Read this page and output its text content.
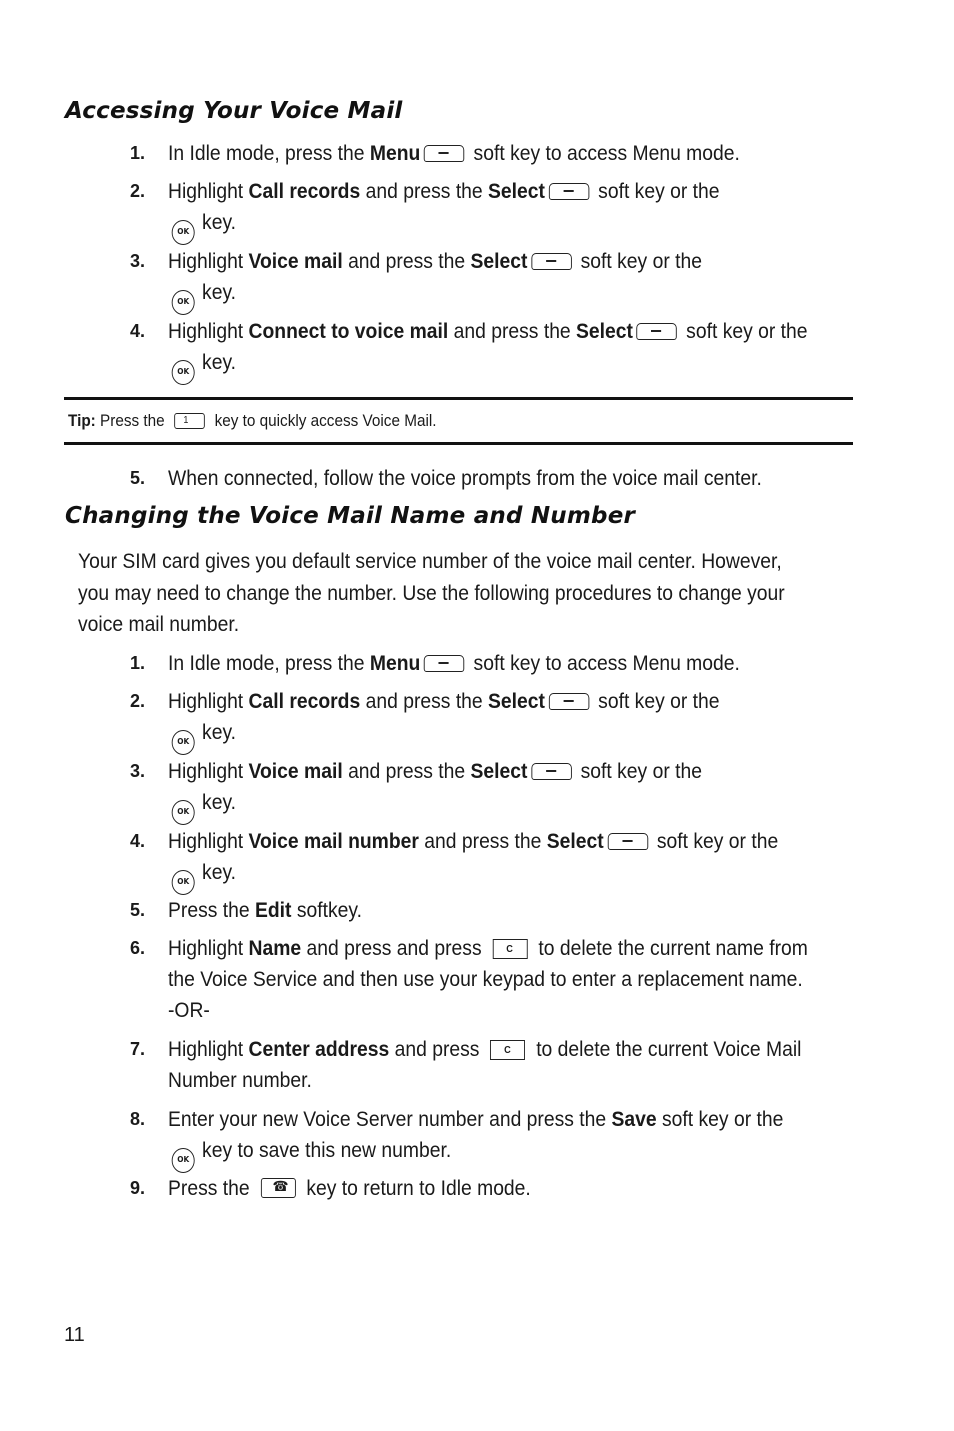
Accessing Your Voice Mail
1. In Idle mode, press the Menu soft key to access Menu mode.
2. Highlight Call records and press the Select soft key or the
OK key.
3. Highlight Voice mail and press the Select soft key or the
OK key.
4. Highlight Connect to voice mail and press the Select soft key or the
OK key.
Tip: Press the 1 key to quickly access Voice Mail.
5. When connected, follow the voice prompts from the voice mail center.
Changing the Voice Mail Name and Number
Your SIM card gives you default service number of the voice mail center. However,
you may need to change the number. Use the following procedures to change your
voice mail number.
1. In Idle mode, press the Menu soft key to access Menu mode.
2. Highlight Call records and press the Select soft key or the
OK key.
3. Highlight Voice mail and press the Select soft key or the
OK key.
4. Highlight Voice mail number and press the Select soft key or the
OK key.
5. Press the Edit softkey.
6. Highlight Name and press and press C to delete the current name from
the Voice Service and then use your keypad to enter a replacement name.
-OR-
7. Highlight Center address and press C to delete the current Voice Mail
Number number.
8. Enter your new Voice Server number and press the Save soft key or the
OK key to save this new number.
9. Press the ☎ key to return to Idle mode.
11
